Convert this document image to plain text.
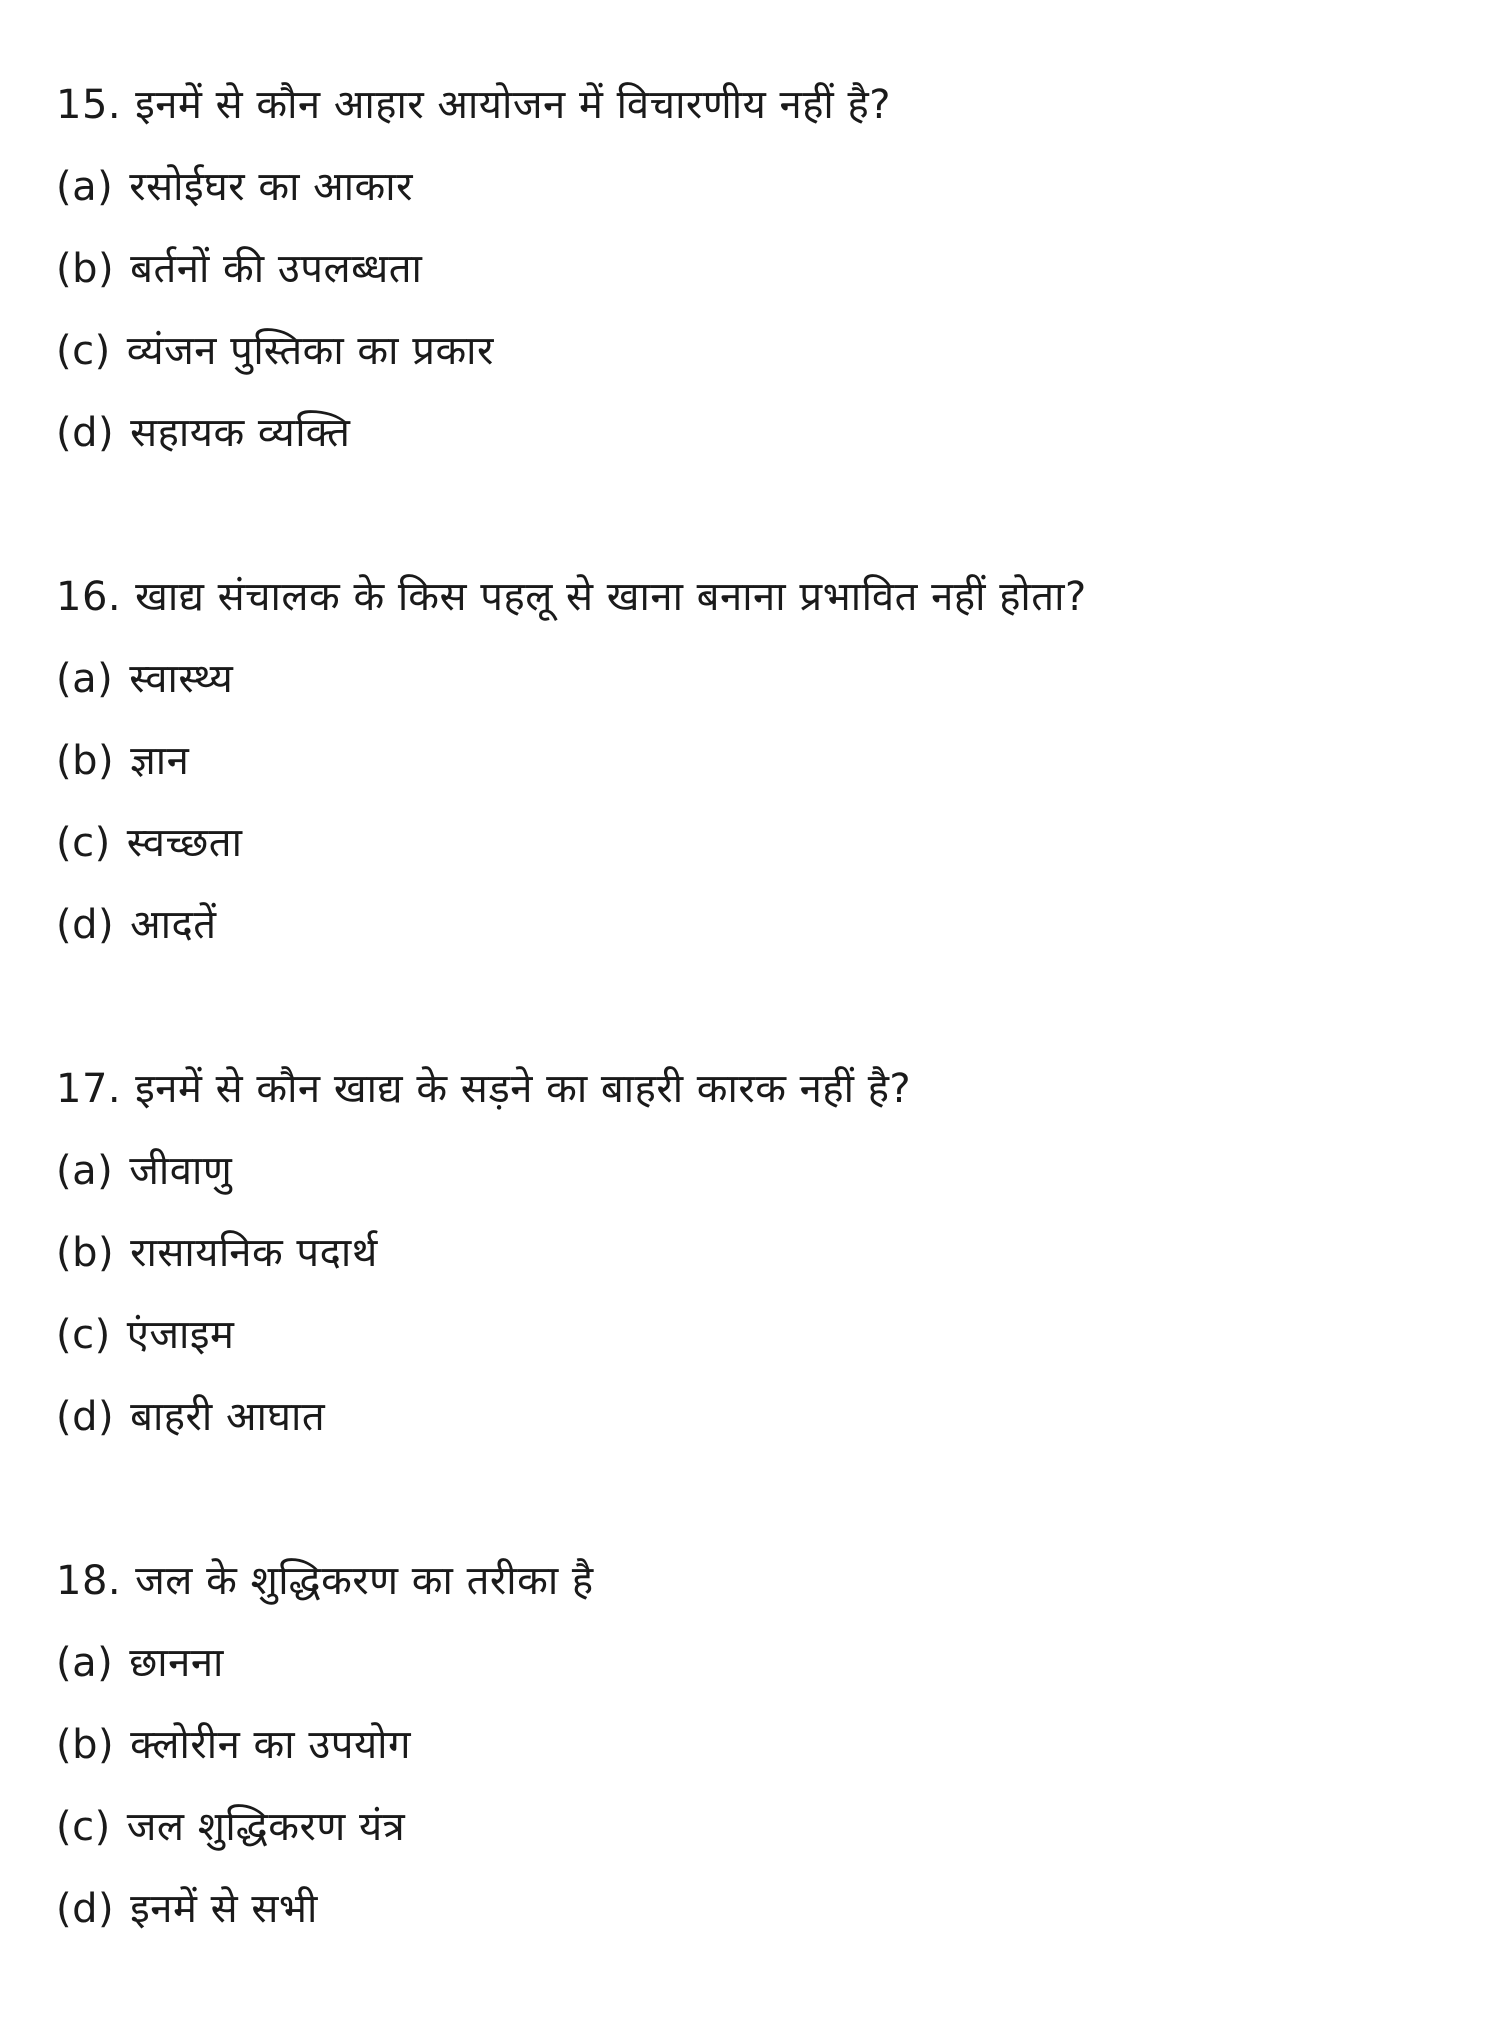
15. इनमें से कौन आहार आयोजन में विचारणीय नहीं है?
(a) रसोईघर का आकार
(b) बर्तनों की उपलब्धता
(c) व्यंजन पुस्तिका का प्रकार
(d) सहायक व्यक्ति
16. खाद्य संचालक के किस पहलू से खाना बनाना प्रभावित नहीं होता?
(a) स्वास्थ्य
(b) ज्ञान
(c) स्वच्छता
(d) आदतें
17. इनमें से कौन खाद्य के सड़ने का बाहरी कारक नहीं है?
(a) जीवाणु
(b) रासायनिक पदार्थ
(c) एंजाइम
(d) बाहरी आघात
18. जल के शुद्धिकरण का तरीका है
(a) छानना
(b) क्लोरीन का उपयोग
(c) जल शुद्धिकरण यंत्र
(d) इनमें से सभी
